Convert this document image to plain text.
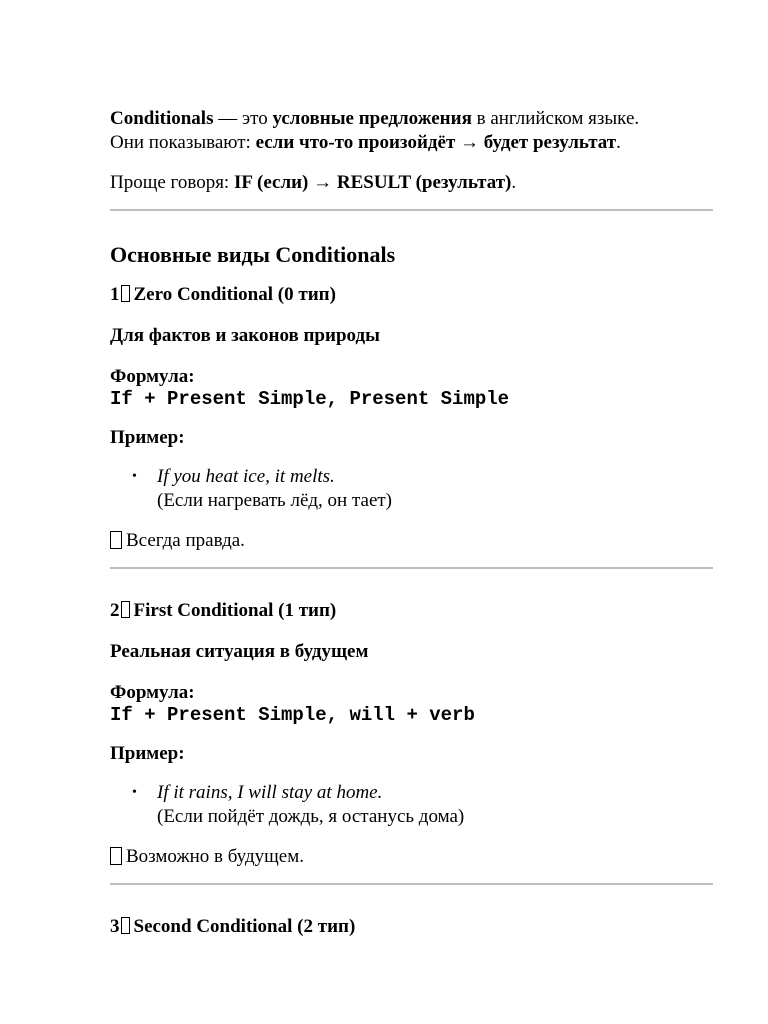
Conditionals — это условные предложения в английском языке.

Они показывают: если что-то произойдёт → будет результат.

Проще говоря: IF (если) → RESULT (результат).

Основные виды Conditionals
1 Zero Conditional (0 тип)

Для фактов и законов природы

Формула:

If + Present Simple, Present Simple

Пример:

• If you heat ice, it melts.
(Если нагревать лёд, он тает)

Всегда правда.

2 First Conditional (1 тип)

Реальная ситуация в будущем

Формула:

If + Present Simple, will + verb

Пример:

• If it rains, I will stay at home.
(Если пойдёт дождь, я останусь дома)

Возможно в будущем.

3 Second Conditional (2 тип)
